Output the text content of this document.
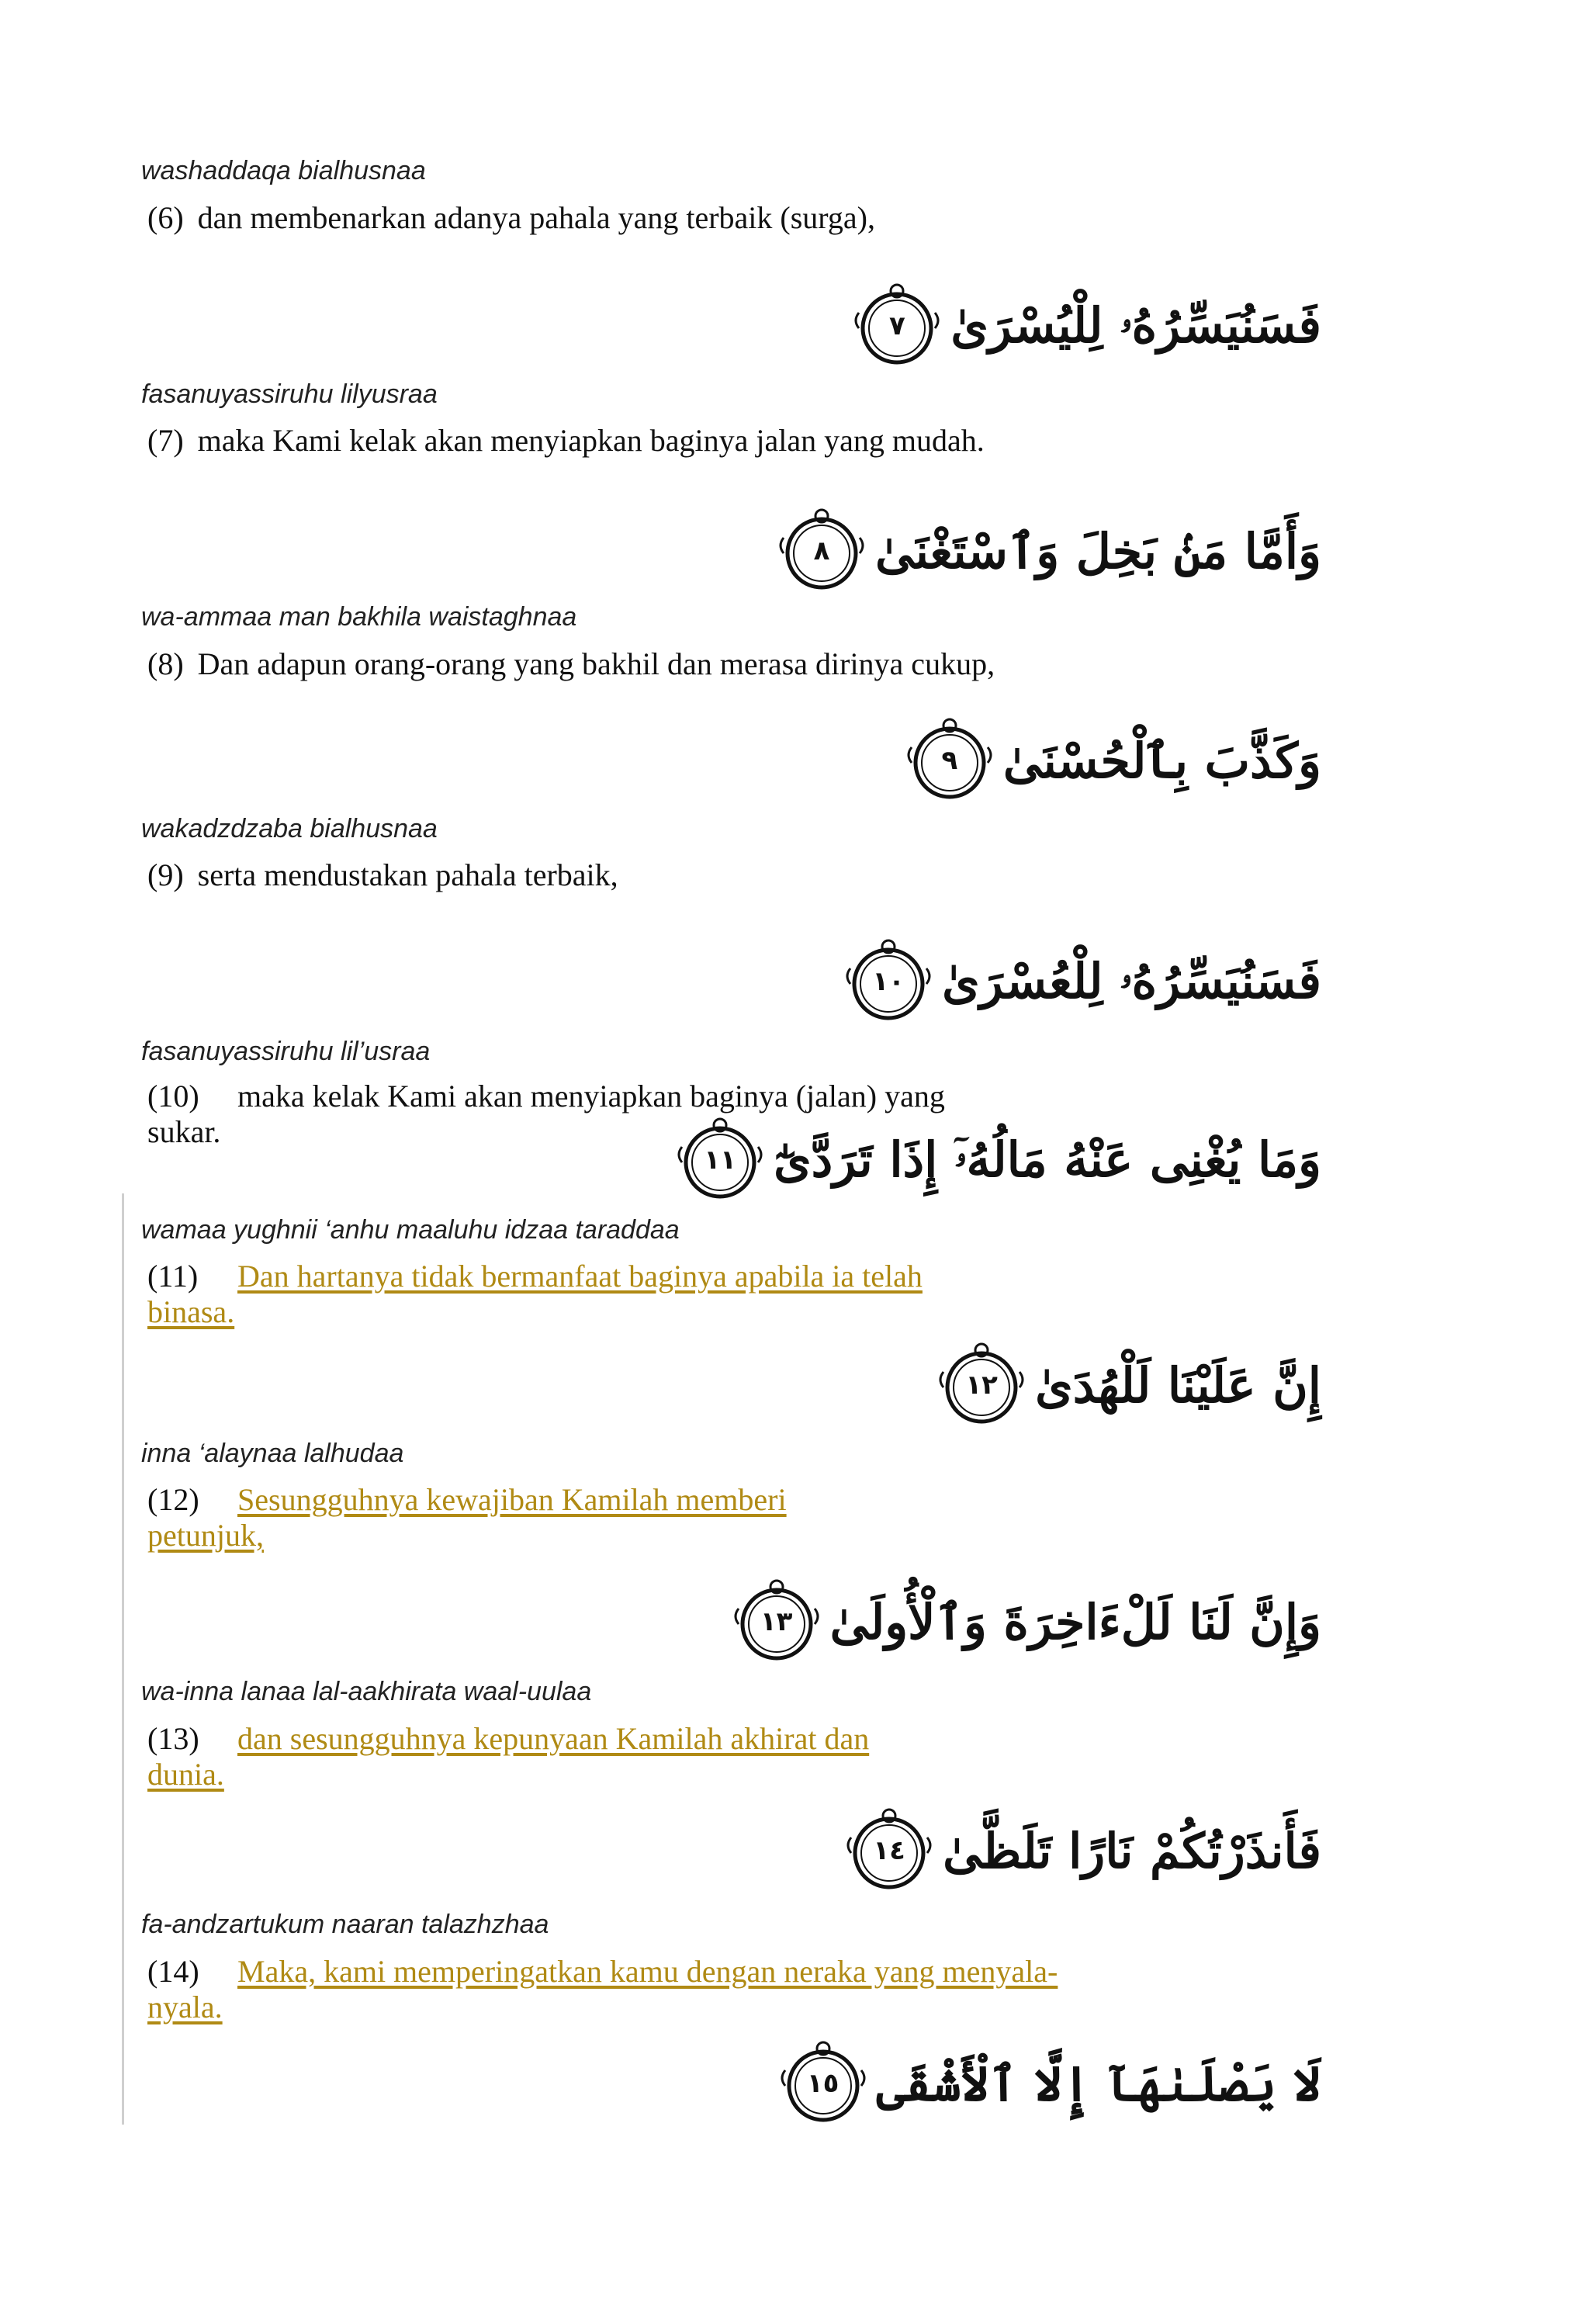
washaddaqa bialhusnaa
(6) dan membenarkan adanya pahala yang terbaik (surga),
٧ فَسَنُيَسِّرُهُۥ لِلْيُسْرَىٰ
fasanuyassiruhu lilyusraa
(7) maka Kami kelak akan menyiapkan baginya jalan yang mudah.
٨ وَأَمَّا مَنۢ بَخِلَ وَٱسْتَغْنَىٰ
wa-ammaa man bakhila waistaghnaa
(8) Dan adapun orang-orang yang bakhil dan merasa dirinya cukup,
٩ وَكَذَّبَ بِٱلْحُسْنَىٰ
wakadzdzaba bialhusnaa
(9) serta mendustakan pahala terbaik,
١٠ فَسَنُيَسِّرُهُۥ لِلْعُسْرَىٰ
fasanuyassiruhu lil’usraa
(10) maka kelak Kami akan menyiapkan baginya (jalan) yang
sukar.
١١ وَمَا يُغْنِى عَنْهُ مَالُهُۥٓ إِذَا تَرَدَّىٰٓ
wamaa yughnii ‘anhu maaluhu idzaa taraddaa
(11) Dan hartanya tidak bermanfaat baginya apabila ia telah
binasa.
١٢ إِنَّ عَلَيْنَا لَلْهُدَىٰ
inna ‘alaynaa lalhudaa
(12) Sesungguhnya kewajiban Kamilah memberi
petunjuk,
١٣ وَإِنَّ لَنَا لَلْءَاخِرَةَ وَٱلْأُولَىٰ
wa-inna lanaa lal-aakhirata waal-uulaa
(13) dan sesungguhnya kepunyaan Kamilah akhirat dan
dunia.
١٤ فَأَنذَرْتُكُمْ نَارًا تَلَظَّىٰ
fa-andzartukum naaran talazhzhaa
(14) Maka, kami memperingatkan kamu dengan neraka yang menyala-
nyala.
١٥ لَا يَصْلَىٰهَآ إِلَّا ٱلْأَشْقَى
